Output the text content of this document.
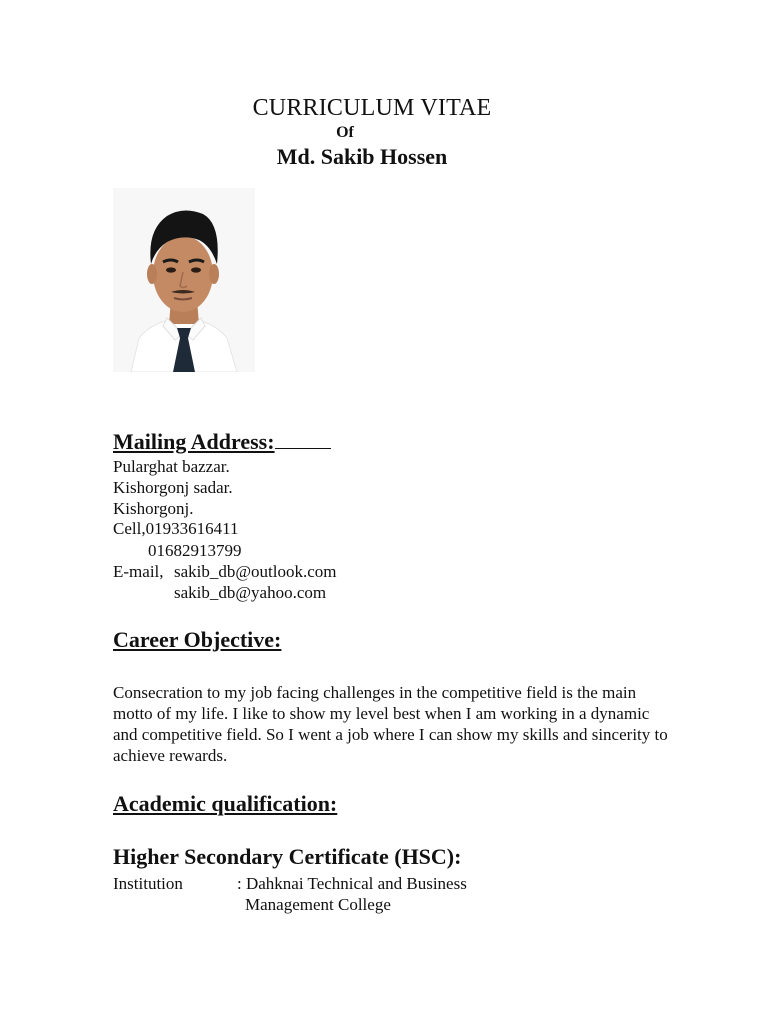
CURRICULUM VITAE
Of
Md. Sakib Hossen
Mailing Address:
Pularghat bazzar.
Kishorgonj sadar.
Kishorgonj.
Cell,01933616411
01682913799
E-mail, sakib_db@outlook.com
sakib_db@yahoo.com
Career Objective:
Consecration to my job facing challenges in the competitive field is the main motto of my life. I like to show my level best when I am working in a dynamic and competitive field. So I went a job where I can show my skills and sincerity to achieve rewards.
Academic qualification:
Higher Secondary Certificate (HSC):
Institution	: Dahknai Technical and Business
Management College
